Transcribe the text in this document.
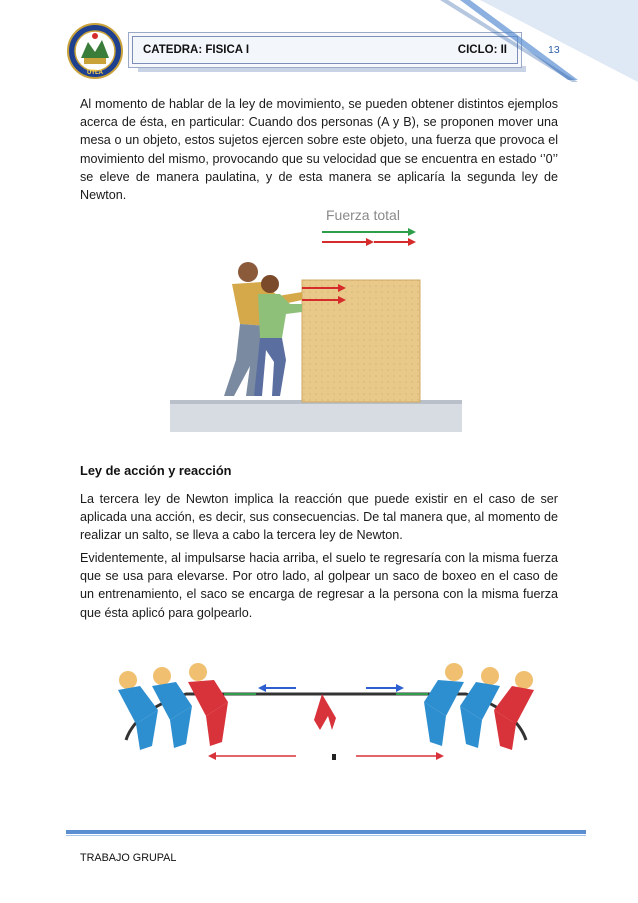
UTLA
CATEDRA: FISICA I	CICLO: II	13
Al momento de hablar de la ley de movimiento, se pueden obtener distintos ejemplos acerca de ésta, en particular: Cuando dos personas (A y B), se proponen mover una mesa o un objeto, estos sujetos ejercen sobre este objeto, una fuerza que provoca el movimiento del mismo, provocando que su velocidad que se encuentra en estado ‘’0’’ se eleve de manera paulatina, y de esta manera se aplicaría la segunda ley de Newton.
Fuerza total
Ley de acción y reacción
La tercera ley de Newton implica la reacción que puede existir en el caso de ser aplicada una acción, es decir, sus consecuencias. De tal manera que, al momento de realizar un salto, se lleva a cabo la tercera ley de Newton.
Evidentemente, al impulsarse hacia arriba, el suelo te regresaría con la misma fuerza que se usa para elevarse. Por otro lado, al golpear un saco de boxeo en el caso de un entrenamiento, el saco se encarga de regresar a la persona con la misma fuerza que ésta aplicó para golpearlo.
TRABAJO GRUPAL
